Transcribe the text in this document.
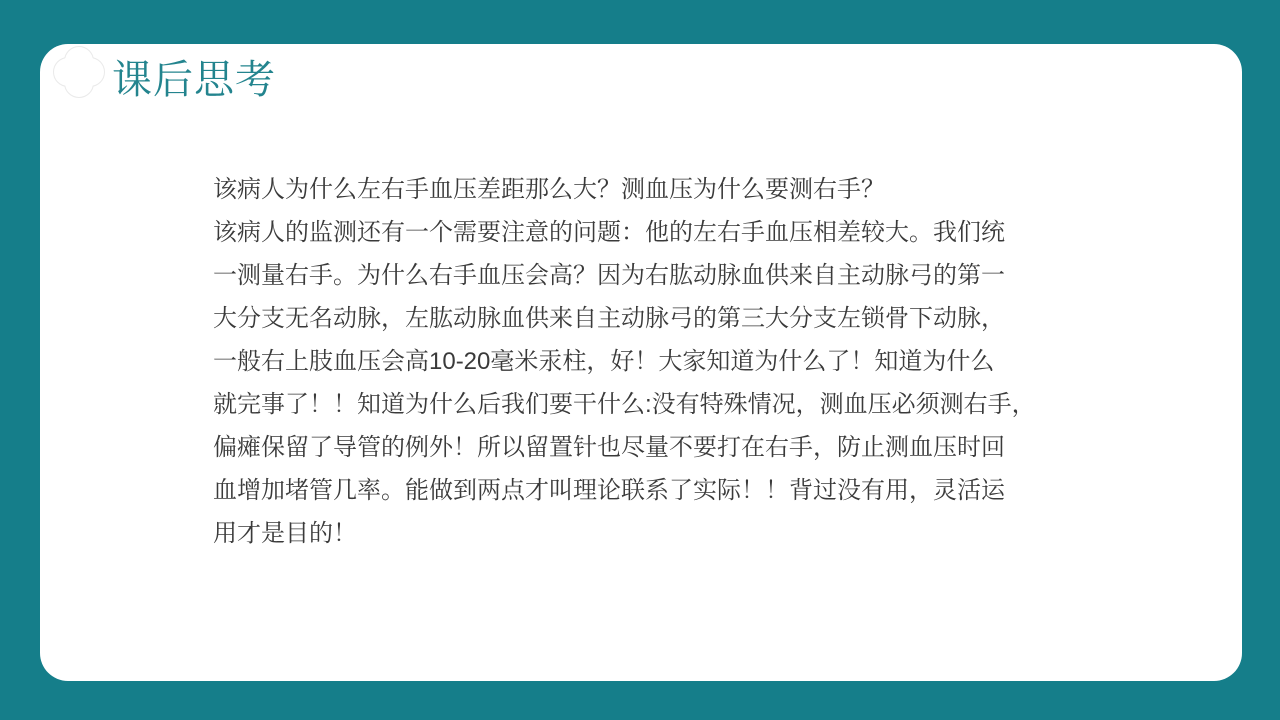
课后思考
该病人为什么左右手血压差距那么大？测血压为什么要测右手？
该病人的监测还有一个需要注意的问题：他的左右手血压相差较大。我们统
一测量右手。为什么右手血压会高？因为右肱动脉血供来自主动脉弓的第一
大分支无名动脉，左肱动脉血供来自主动脉弓的第三大分支左锁骨下动脉，
一般右上肢血压会高10-20毫米汞柱，好！大家知道为什么了！知道为什么
就完事了！！知道为什么后我们要干什么:没有特殊情况，测血压必须测右手，
偏瘫保留了导管的例外！所以留置针也尽量不要打在右手，防止测血压时回
血增加堵管几率。能做到两点才叫理论联系了实际！！背过没有用，灵活运
用才是目的！
